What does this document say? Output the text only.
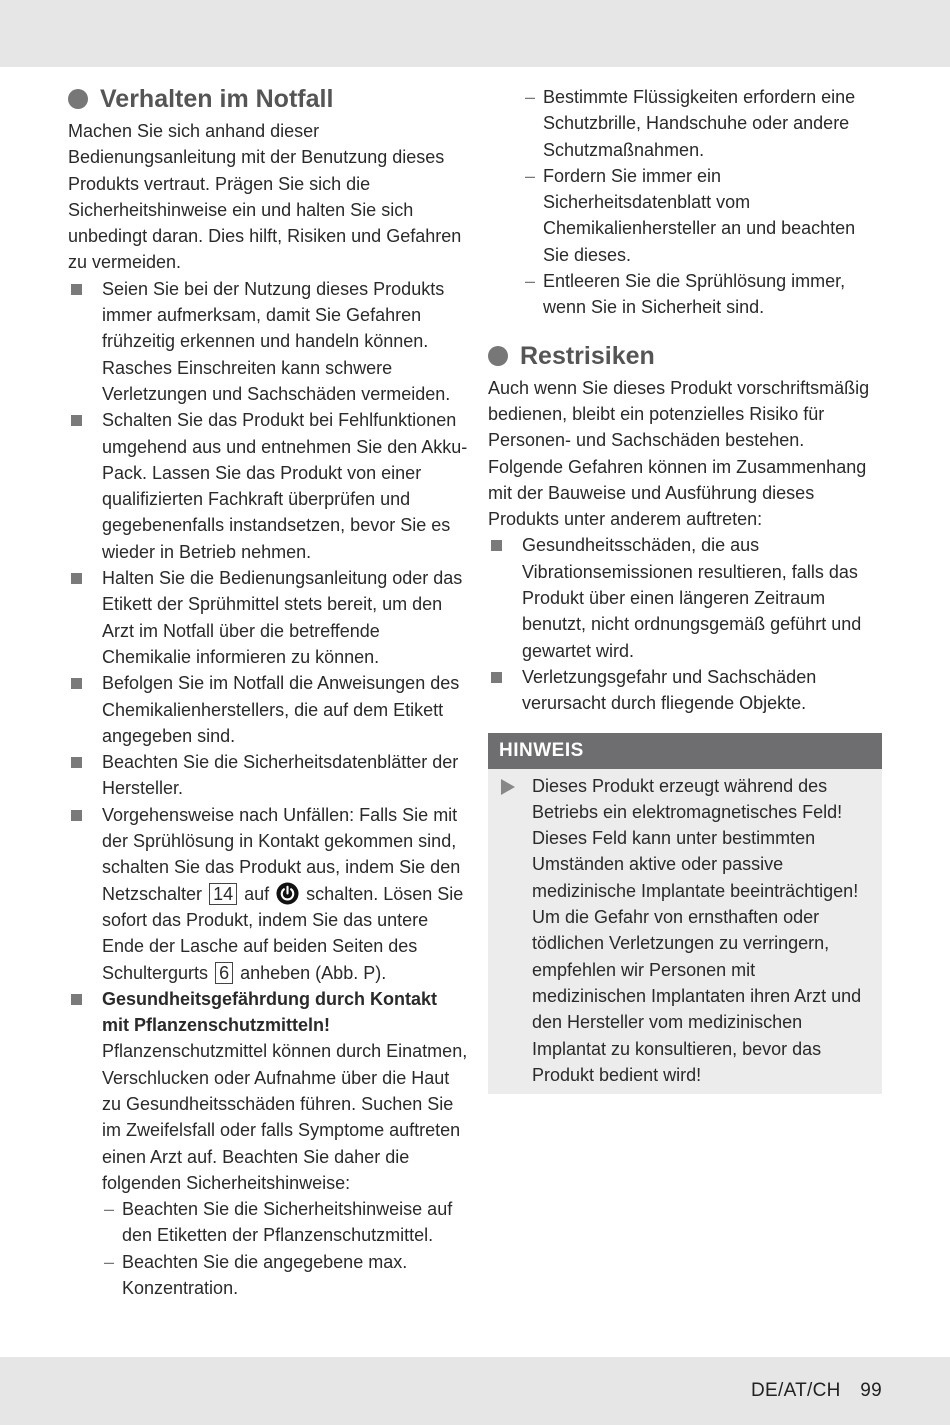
Verhalten im Notfall

Machen Sie sich anhand dieser Bedienungsanleitung mit der Benutzung dieses Produkts vertraut. Prägen Sie sich die Sicherheitshinweise ein und halten Sie sich unbedingt daran. Dies hilft, Risiken und Gefahren zu vermeiden.

Seien Sie bei der Nutzung dieses Produkts immer aufmerksam, damit Sie Gefahren frühzeitig erkennen und handeln können. Rasches Einschreiten kann schwere Verletzungen und Sachschäden vermeiden.
Schalten Sie das Produkt bei Fehlfunktionen umgehend aus und entnehmen Sie den Akku-Pack. Lassen Sie das Produkt von einer qualifizierten Fachkraft überprüfen und gegebenenfalls instandsetzen, bevor Sie es wieder in Betrieb nehmen.
Halten Sie die Bedienungsanleitung oder das Etikett der Sprühmittel stets bereit, um den Arzt im Notfall über die betreffende Chemikalie informieren zu können.
Befolgen Sie im Notfall die Anweisungen des Chemikalienherstellers, die auf dem Etikett angegeben sind.
Beachten Sie die Sicherheitsdatenblätter der Hersteller.
Vorgehensweise nach Unfällen: Falls Sie mit der Sprühlösung in Kontakt gekommen sind, schalten Sie das Produkt aus, indem Sie den Netzschalter 14 auf schalten. Lösen Sie sofort das Produkt, indem Sie das untere Ende der Lasche auf beiden Seiten des Schultergurts 6 anheben (Abb. P).
Gesundheitsgefährdung durch Kontakt mit Pflanzenschutzmitteln!
Pflanzenschutzmittel können durch Einatmen, Verschlucken oder Aufnahme über die Haut zu Gesundheitsschäden führen. Suchen Sie im Zweifelsfall oder falls Symptome auftreten einen Arzt auf. Beachten Sie daher die folgenden Sicherheitshinweise:
– Beachten Sie die Sicherheitshinweise auf den Etiketten der Pflanzenschutzmittel.
– Beachten Sie die angegebene max. Konzentration.
– Bestimmte Flüssigkeiten erfordern eine Schutzbrille, Handschuhe oder andere Schutzmaßnahmen.
– Fordern Sie immer ein Sicherheitsdatenblatt vom Chemikalienhersteller an und beachten Sie dieses.
– Entleeren Sie die Sprühlösung immer, wenn Sie in Sicherheit sind.
Restrisiken

Auch wenn Sie dieses Produkt vorschriftsmäßig bedienen, bleibt ein potenzielles Risiko für Personen- und Sachschäden bestehen. Folgende Gefahren können im Zusammenhang mit der Bauweise und Ausführung dieses Produkts unter anderem auftreten:

Gesundheitsschäden, die aus Vibrationsemissionen resultieren, falls das Produkt über einen längeren Zeitraum benutzt, nicht ordnungsgemäß geführt und gewartet wird.
Verletzungsgefahr und Sachschäden verursacht durch fliegende Objekte.
HINWEIS

Dieses Produkt erzeugt während des Betriebs ein elektromagnetisches Feld! Dieses Feld kann unter bestimmten Umständen aktive oder passive medizinische Implantate beeinträchtigen! Um die Gefahr von ernsthaften oder tödlichen Verletzungen zu verringern, empfehlen wir Personen mit medizinischen Implantaten ihren Arzt und den Hersteller vom medizinischen Implantat zu konsultieren, bevor das Produkt bedient wird!

DE/AT/CH 99
